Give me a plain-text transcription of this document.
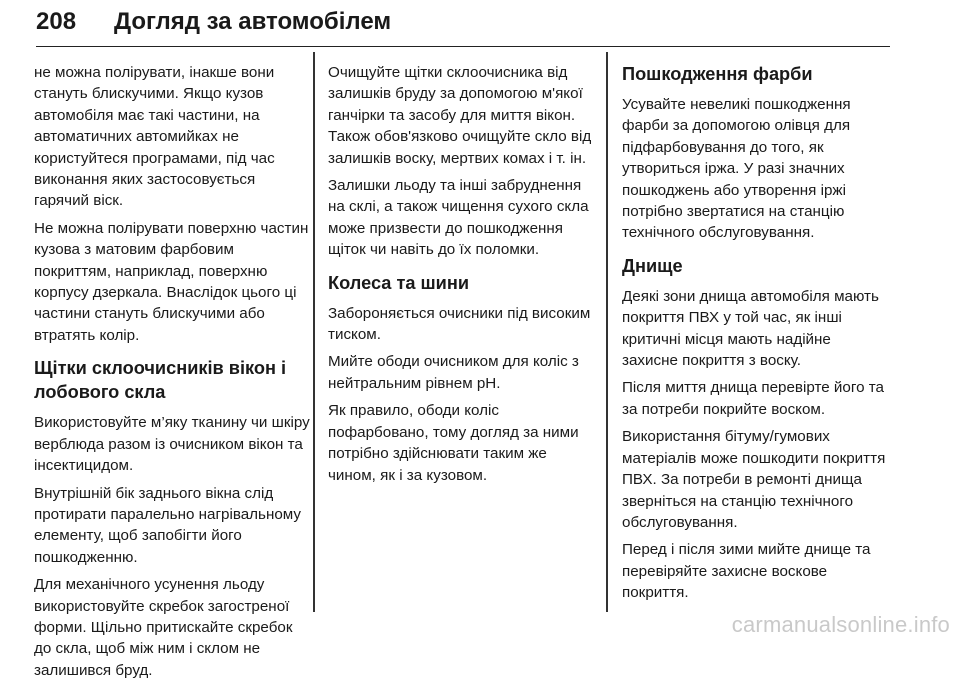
208 Догляд за автомобілем

не можна полірувати, інакше вони стануть блискучими. Якщо кузов автомобіля має такі частини, на автоматичних автомийках не користуйтеся програмами, під час виконання яких застосовується гарячий віск.

Не можна полірувати поверхню частин кузова з матовим фарбовим покриттям, наприклад, поверхню корпусу дзеркала. Внаслідок цього ці частини стануть блискучими або втратять колір.

Щітки склоочисників вікон і лобового скла

Використовуйте м’яку тканину чи шкіру верблюда разом із очисником вікон та інсектицидом.

Внутрішній бік заднього вікна слід протирати паралельно нагрівальному елементу, щоб запобігти його пошкодженню.

Для механічного усунення льоду використовуйте скребок загостреної форми. Щільно притискайте скребок до скла, щоб між ним і склом не залишився бруд.

Очищуйте щітки склоочисника від залишків бруду за допомогою м'якої ганчірки та засобу для миття вікон. Також обов'язково очищуйте скло від залишків воску, мертвих комах і т. ін.

Залишки льоду та інші забруднення на склі, а також чищення сухого скла може призвести до пошкодження щіток чи навіть до їх поломки.

Колеса та шини

Забороняється очисники під високим тиском.

Мийте ободи очисником для коліс з нейтральним рівнем pH.

Як правило, ободи коліс пофарбовано, тому догляд за ними потрібно здійснювати таким же чином, як і за кузовом.

Пошкодження фарби

Усувайте невеликі пошкодження фарби за допомогою олівця для підфарбовування до того, як утвориться іржа. У разі значних пошкоджень або утворення іржі потрібно звертатися на станцію технічного обслуговування.

Днище

Деякі зони днища автомобіля мають покриття ПВХ у той час, як інші критичні місця мають надійне захисне покриття з воску.

Після миття днища перевірте його та за потреби покрийте воском.

Використання бітуму/гумових матеріалів може пошкодити покриття ПВХ. За потреби в ремонті днища зверніться на станцію технічного обслуговування.

Перед і після зими мийте днище та перевіряйте захисне воскове покриття.

carmanualsonline.info
